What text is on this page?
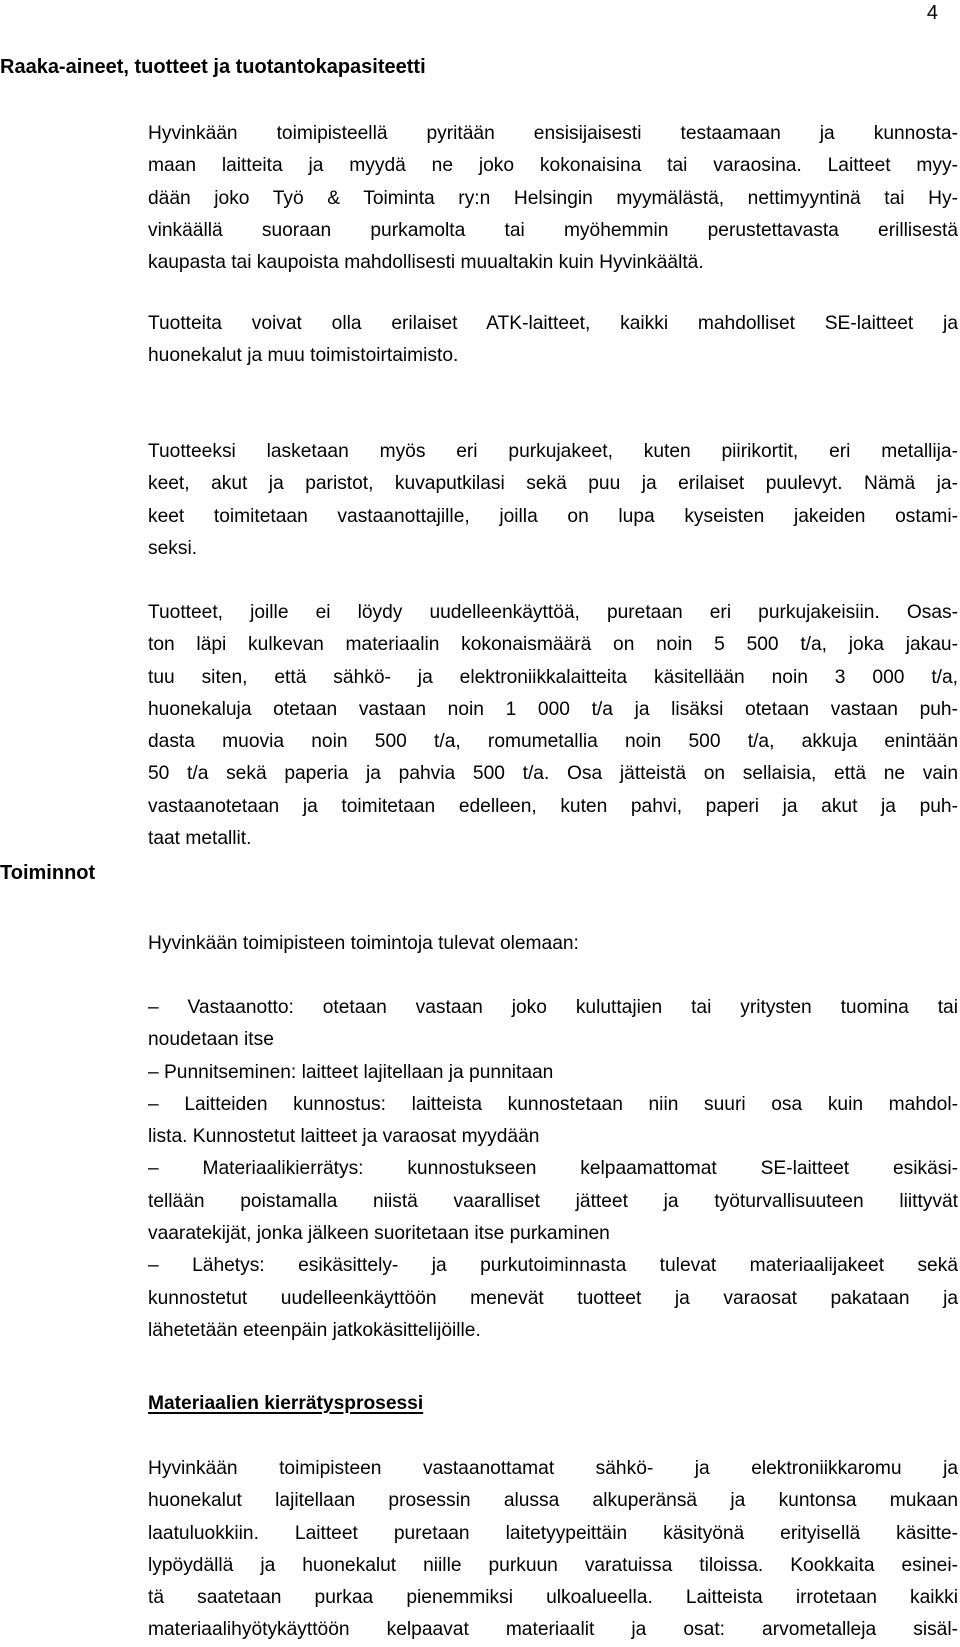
4
Raaka-aineet, tuotteet ja tuotantokapasiteetti
Toiminnot
Hyvinkään toimipisteellä pyritään ensisijaisesti testaamaan ja kunnosta-
maan laitteita ja myydä ne joko kokonaisina tai varaosina. Laitteet myy-
dään joko Työ & Toiminta ry:n Helsingin myymälästä, nettimyyntinä tai Hy-
vinkäällä suoraan purkamolta tai myöhemmin perustettavasta erillisestä
kaupasta tai kaupoista mahdollisesti muualtakin kuin Hyvinkäältä.
Tuotteita voivat olla erilaiset ATK-laitteet, kaikki mahdolliset SE-laitteet ja
huonekalut ja muu toimistoirtaimisto.
Tuotteeksi lasketaan myös eri purkujakeet, kuten piirikortit, eri metallija-
keet, akut ja paristot, kuvaputkilasi sekä puu ja erilaiset puulevyt. Nämä ja-
keet toimitetaan vastaanottajille, joilla on lupa kyseisten jakeiden ostami-
seksi.
Tuotteet, joille ei löydy uudelleenkäyttöä, puretaan eri purkujakeisiin. Osas-
ton läpi kulkevan materiaalin kokonaismäärä on noin 5 500 t/a, joka jakau-
tuu siten, että sähkö- ja elektroniikkalaitteita käsitellään noin 3 000 t/a,
huonekaluja otetaan vastaan noin 1 000 t/a ja lisäksi otetaan vastaan puh-
dasta muovia noin 500 t/a, romumetallia noin 500 t/a, akkuja enintään
50 t/a sekä paperia ja pahvia 500 t/a. Osa jätteistä on sellaisia, että ne vain
vastaanotetaan ja toimitetaan edelleen, kuten pahvi, paperi ja akut ja puh-
taat metallit.
Hyvinkään toimipisteen toimintoja tulevat olemaan:
– Vastaanotto: otetaan vastaan joko kuluttajien tai yritysten tuomina tai
noudetaan itse
– Punnitseminen: laitteet lajitellaan ja punnitaan
– Laitteiden kunnostus: laitteista kunnostetaan niin suuri osa kuin mahdol-
lista. Kunnostetut laitteet ja varaosat myydään
– Materiaalikierrätys: kunnostukseen kelpaamattomat SE-laitteet esikäsi-
tellään poistamalla niistä vaaralliset jätteet ja työturvallisuuteen liittyvät
vaaratekijät, jonka jälkeen suoritetaan itse purkaminen
– Lähetys: esikäsittely- ja purkutoiminnasta tulevat materiaalijakeet sekä
kunnostetut uudelleenkäyttöön menevät tuotteet ja varaosat pakataan ja
lähetetään eteenpäin jatkokäsittelijöille.
Materiaalien kierrätysprosessi
Hyvinkään toimipisteen vastaanottamat sähkö- ja elektroniikkaromu ja
huonekalut lajitellaan prosessin alussa alkuperänsä ja kuntonsa mukaan
laatuluokkiin. Laitteet puretaan laitetyypeittäin käsityönä erityisellä käsitte-
lypöydällä ja huonekalut niille purkuun varatuissa tiloissa. Kookkaita esinei-
tä saatetaan purkaa pienemmiksi ulkoalueella. Laitteista irrotetaan kaikki
materiaalihyötykäyttöön kelpaavat materiaalit ja osat: arvometalleja sisäl-
